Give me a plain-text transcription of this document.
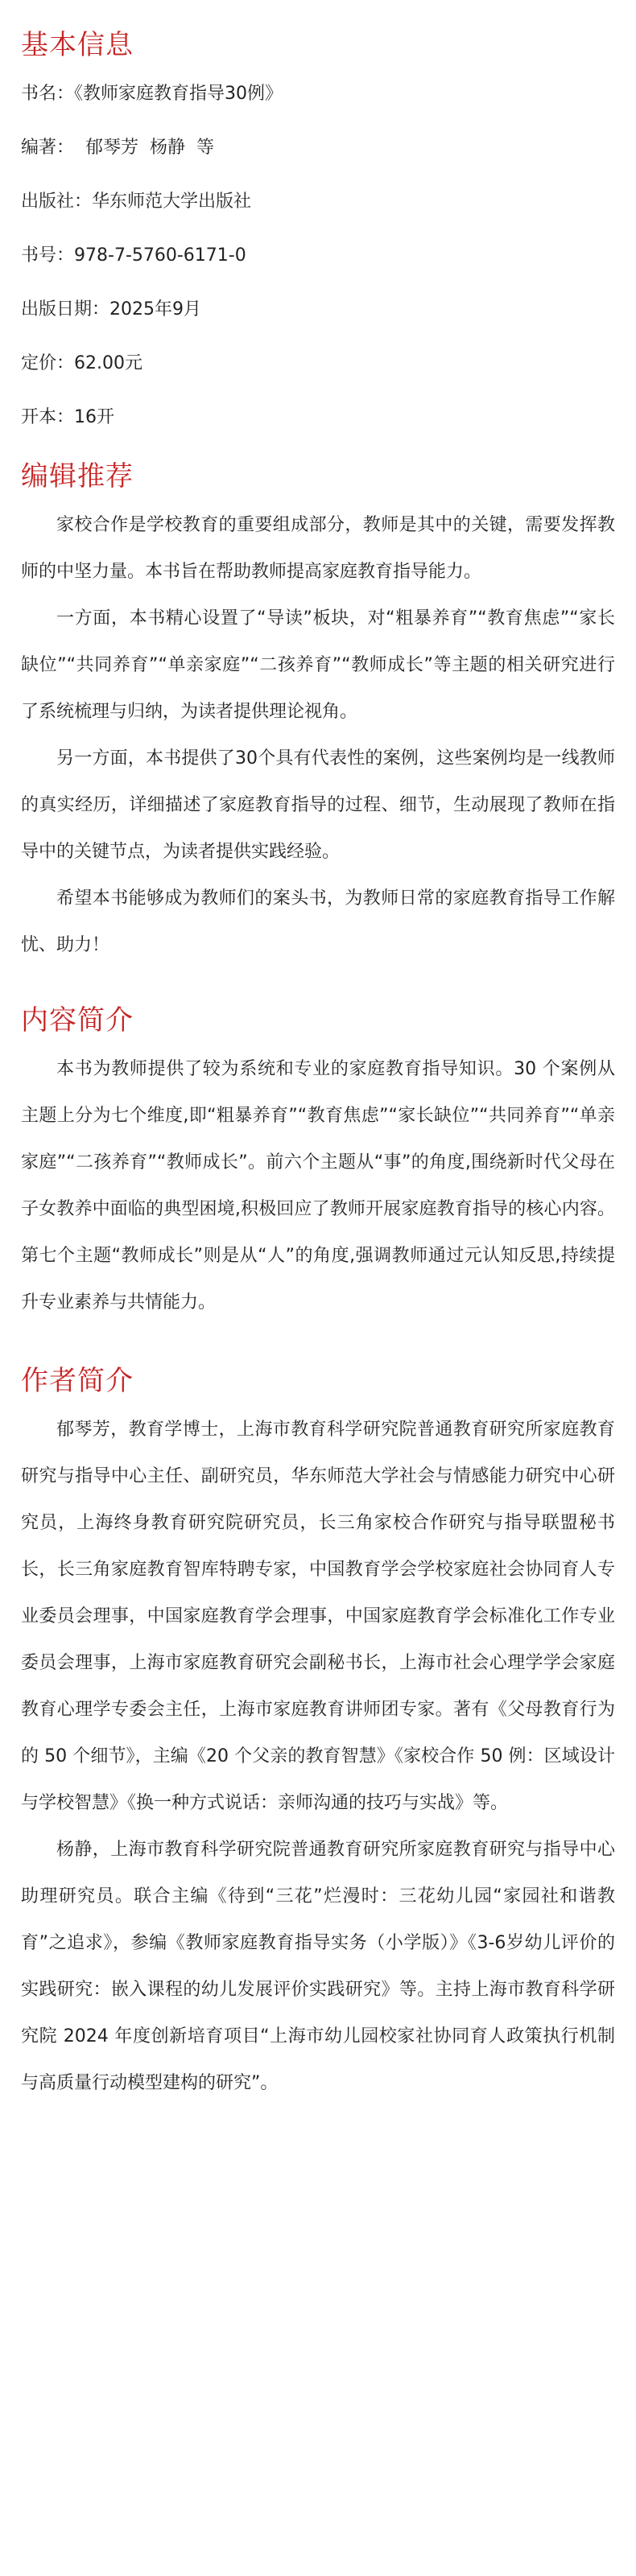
基本信息

书名：《教师家庭教育指导30例》

编著：  郁琴芳  杨静  等

出版社：华东师范大学出版社

书号：978-7-5760-6171-0

出版日期：2025年9月

定价：62.00元

开本：16开

编辑推荐

家校合作是学校教育的重要组成部分，教师是其中的关键，需要发挥教师的中坚力量。本书旨在帮助教师提高家庭教育指导能力。

一方面，本书精心设置了“导读”板块，对“粗暴养育”“教育焦虑”“家长缺位”“共同养育”“单亲家庭”“二孩养育”“教师成长”等主题的相关研究进行了系统梳理与归纳，为读者提供理论视角。

另一方面，本书提供了30个具有代表性的案例，这些案例均是一线教师的真实经历，详细描述了家庭教育指导的过程、细节，生动展现了教师在指导中的关键节点，为读者提供实践经验。

希望本书能够成为教师们的案头书，为教师日常的家庭教育指导工作解忧、助力！

内容简介

本书为教师提供了较为系统和专业的家庭教育指导知识。30 个案例从主题上分为七个维度,即“粗暴养育”“教育焦虑”“家长缺位”“共同养育”“单亲家庭”“二孩养育”“教师成长”。前六个主题从“事”的角度,围绕新时代父母在子女教养中面临的典型困境,积极回应了教师开展家庭教育指导的核心内容。第七个主题“教师成长”则是从“人”的角度,强调教师通过元认知反思,持续提升专业素养与共情能力。

作者简介

郁琴芳，教育学博士，上海市教育科学研究院普通教育研究所家庭教育研究与指导中心主任、副研究员，华东师范大学社会与情感能力研究中心研究员，上海终身教育研究院研究员，长三角家校合作研究与指导联盟秘书长，长三角家庭教育智库特聘专家，中国教育学会学校家庭社会协同育人专业委员会理事，中国家庭教育学会理事，中国家庭教育学会标准化工作专业委员会理事，上海市家庭教育研究会副秘书长，上海市社会心理学学会家庭教育心理学专委会主任，上海市家庭教育讲师团专家。著有《父母教育行为的 50 个细节》，主编《20 个父亲的教育智慧》《家校合作 50 例：区域设计与学校智慧》《换一种方式说话：亲师沟通的技巧与实战》等。

杨静，上海市教育科学研究院普通教育研究所家庭教育研究与指导中心助理研究员。联合主编《待到“三花”烂漫时：三花幼儿园“家园社和谐教育”之追求》，参编《教师家庭教育指导实务（小学版）》《3-6岁幼儿评价的实践研究：嵌入课程的幼儿发展评价实践研究》等。主持上海市教育科学研究院 2024 年度创新培育项目“上海市幼儿园校家社协同育人政策执行机制与高质量行动模型建构的研究”。
